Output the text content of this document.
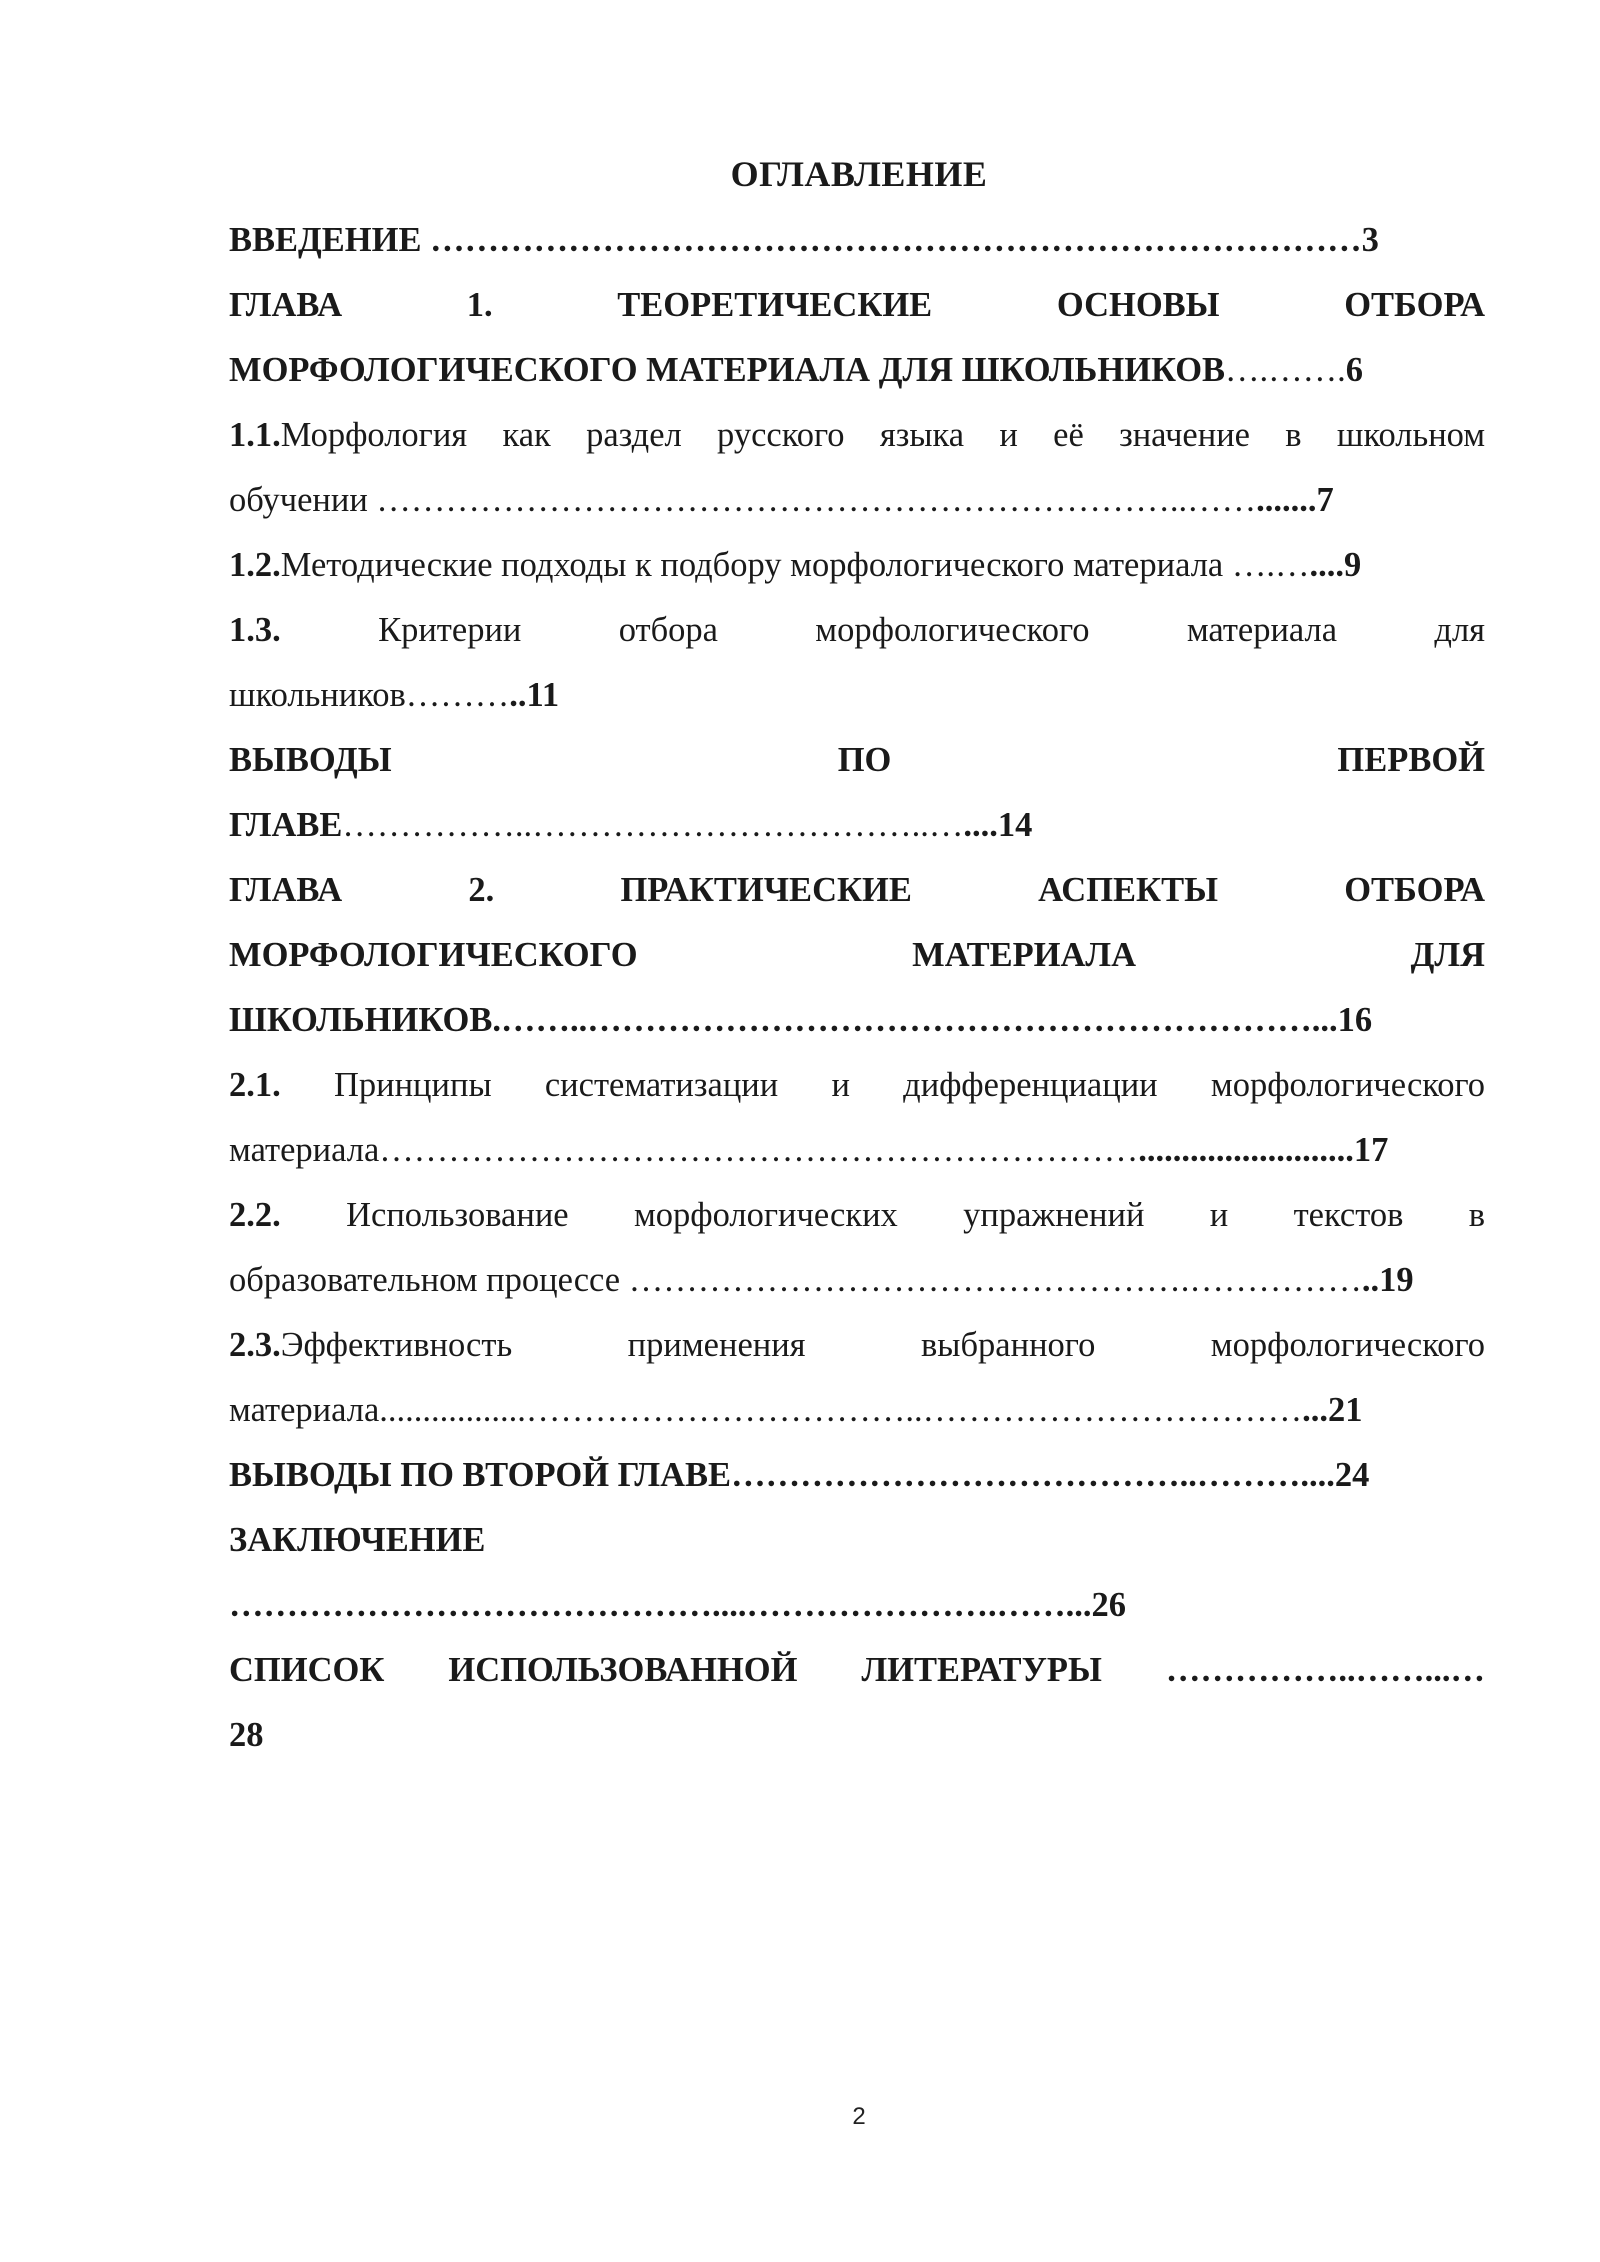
ОГЛАВЛЕНИЕ
ВВЕДЕНИЕ ………………………………………………………………………3
ГЛАВА	1.	ТЕОРЕТИЧЕСКИЕ	ОСНОВЫ	ОТБОРА
МОРФОЛОГИЧЕСКОГО МАТЕРИАЛА ДЛЯ ШКОЛЬНИКОВ….…….6
1.1.Морфология как раздел русского языка и её значение в школьном
обучении ……………………………………………………………..…….......7
1.2.Методические подходы к подбору морфологического материала ….…....9
1.3.	Критерии	отбора	морфологического	материала	для
школьников………..11
ВЫВОДЫ	ПО	ПЕРВОЙ
ГЛАВЕ……………..……………………………..…....14
ГЛАВА	2.	ПРАКТИЧЕСКИЕ	АСПЕКТЫ	ОТБОРА
МОРФОЛОГИЧЕСКОГО	МАТЕРИАЛА	ДЛЯ
ШКОЛЬНИКОВ.……..………………………………………………………...16
2.1. Принципы систематизации и дифференциации морфологического
материала………………………………………………………….........................17
2.2. Использование морфологических упражнений и текстов в
образовательном процессе ………………………………………….……………..19
2.3.Эффективность	применения	выбранного	морфологического
материала.................……………………………..……………………………...21
ВЫВОДЫ ПО ВТОРОЙ ГЛАВЕ…………………………………..………....24
ЗАКЛЮЧЕНИЕ
……………………………………....………………….……...26
СПИСОК ИСПОЛЬЗОВАННОЙ ЛИТЕРАТУРЫ ……………..……...…
28
2
